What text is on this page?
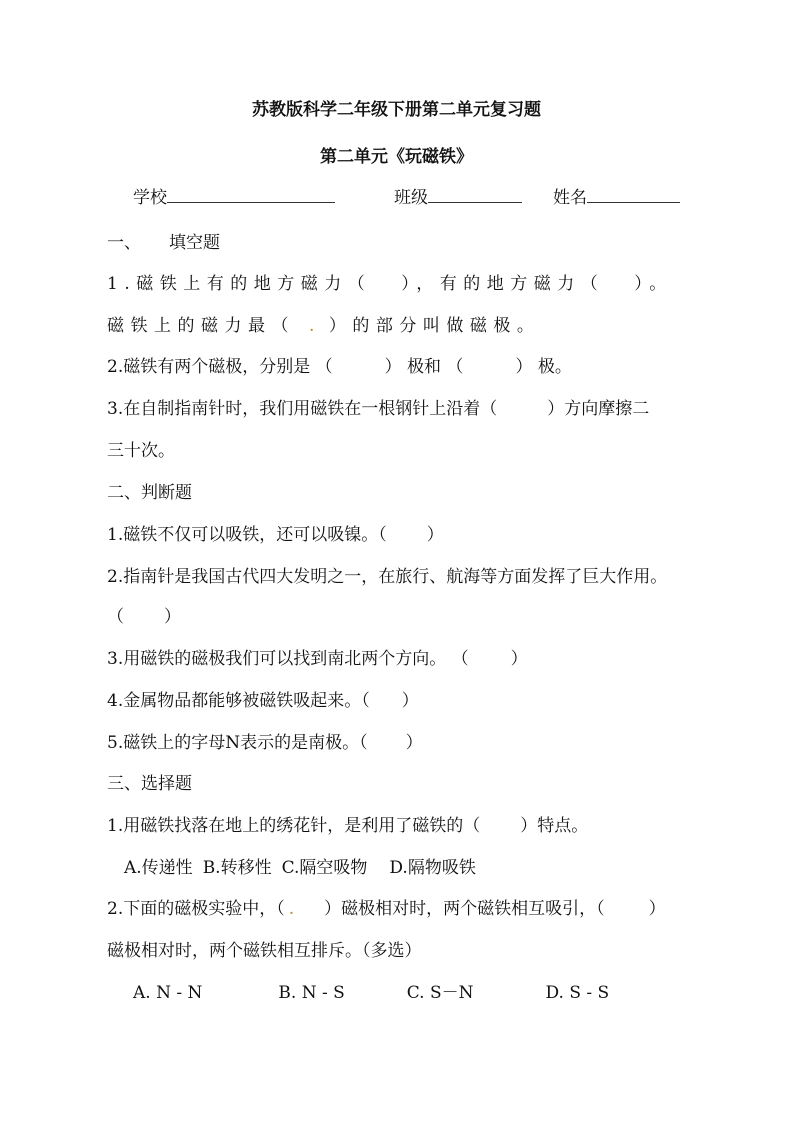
苏教版科学二年级下册第二单元复习题
第二单元《玩磁铁》
学校	班级	姓名
一、 填空题
1.磁铁上有的地方磁力（ ），有的地方磁力（ ）。
磁铁上的磁力最（ . ）的部分叫做磁极。
2.磁铁有两个磁极，分别是 （	） 极和 （	） 极。
3.在自制指南针时，我们用磁铁在一根钢针上沿着（	）方向摩擦二
三十次。
二、判断题
1.磁铁不仅可以吸铁，还可以吸镍。（ ）
2.指南针是我国古代四大发明之一，在旅行、航海等方面发挥了巨大作用。
（ ）
3.用磁铁的磁极我们可以找到南北两个方向。 （ ）
4.金属物品都能够被磁铁吸起来。（ ）
5.磁铁上的字母N表示的是南极。（ ）
三、选择题
1.用磁铁找落在地上的绣花针，是利用了磁铁的（ ）特点。
A.传递性 B.转移性 C.隔空吸物 D.隔物吸铁
2.下面的磁极实验中，（ . ）磁极相对时，两个磁铁相互吸引，（	）
磁极相对时，两个磁铁相互排斥。（多选）
A. N - N	B. N - S	C. S－N	D. S - S
